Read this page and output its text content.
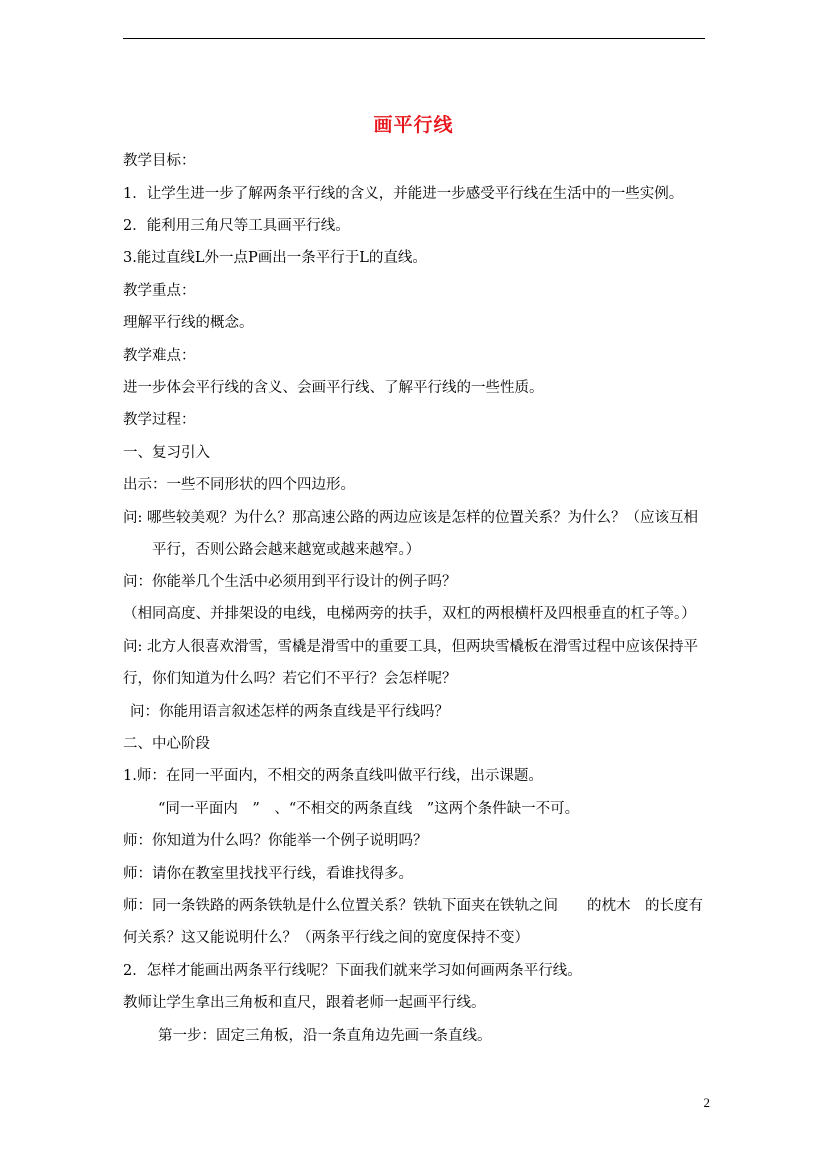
画平行线
教学目标：
1．让学生进一步了解两条平行线的含义，并能进一步感受平行线在生活中的一些实例。
2．能利用三角尺等工具画平行线。
3.能过直线L外一点P画出一条平行于L的直线。
教学重点：
理解平行线的概念。
教学难点：
进一步体会平行线的含义、会画平行线、了解平行线的一些性质。
教学过程：
一、复习引入
出示：一些不同形状的四个四边形。
问: 哪些较美观？为什么？那高速公路的两边应该是怎样的位置关系？为什么？（应该互相
平行，否则公路会越来越宽或越来越窄。）
问：你能举几个生活中必须用到平行设计的例子吗？
（相同高度、并排架设的电线，电梯两旁的扶手，双杠的两根横杆及四根垂直的杠子等。）
问: 北方人很喜欢滑雪，雪橇是滑雪中的重要工具，但两块雪橇板在滑雪过程中应该保持平
行，你们知道为什么吗？若它们不平行？会怎样呢？
问：你能用语言叙述怎样的两条直线是平行线吗？
二、中心阶段
1.师：在同一平面内，不相交的两条直线叫做平行线，出示课题。
“同一平面内　”　、“不相交的两条直线　”这两个条件缺一不可。
师：你知道为什么吗？你能举一个例子说明吗？
师：请你在教室里找找平行线，看谁找得多。
师：同一条铁路的两条铁轨是什么位置关系？铁轨下面夹在铁轨之间　　的枕木　的长度有
何关系？这又能说明什么？（两条平行线之间的宽度保持不变）
2．怎样才能画出两条平行线呢？下面我们就来学习如何画两条平行线。
教师让学生拿出三角板和直尺，跟着老师一起画平行线。
第一步：固定三角板，沿一条直角边先画一条直线。
2
